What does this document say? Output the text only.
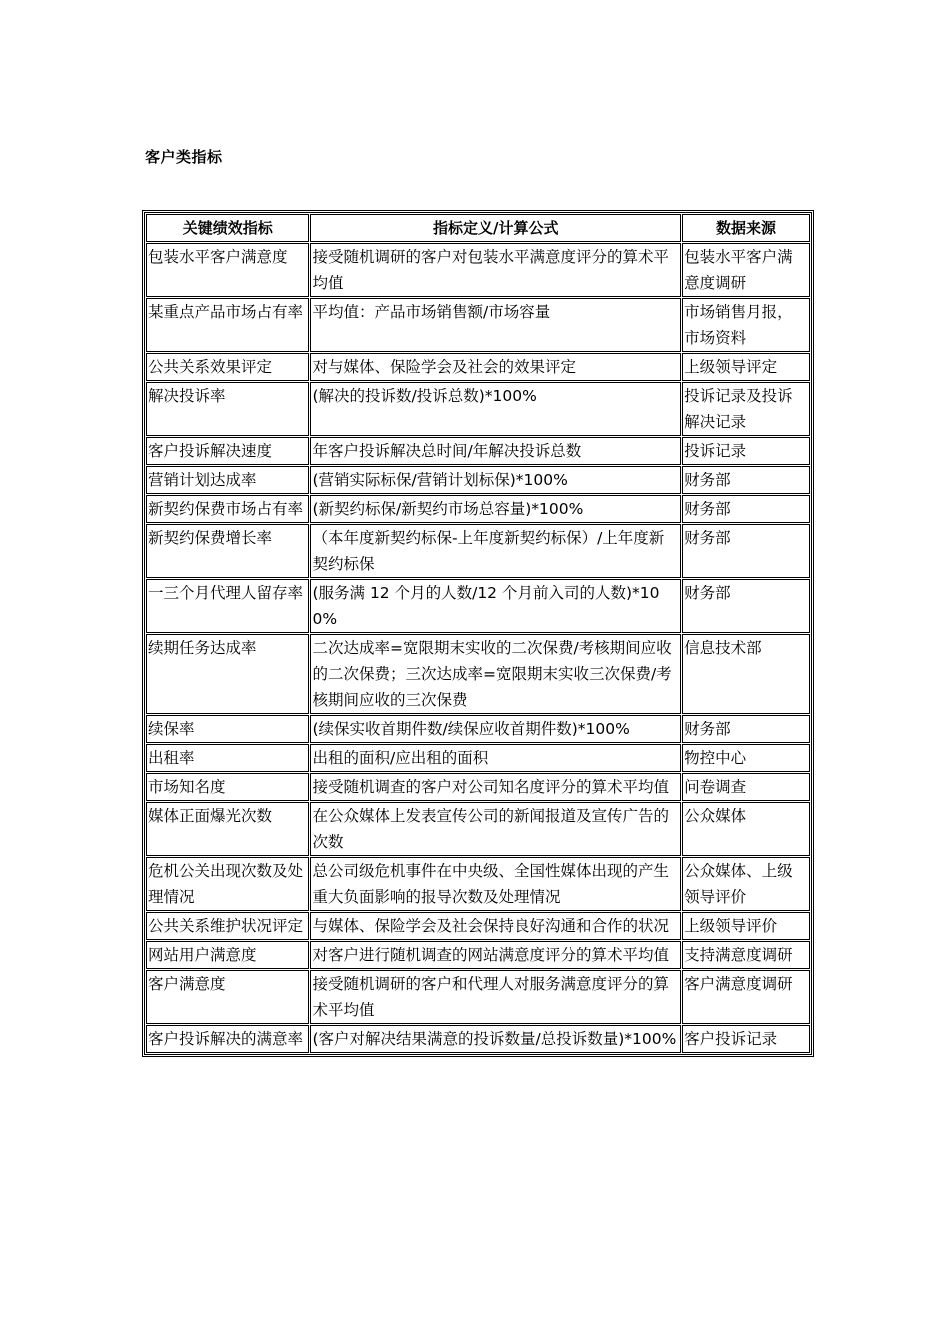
客户类指标
关键绩效指标	指标定义/计算公式	数据来源
包装水平客户满意度	接受随机调研的客户对包装水平满意度评分的算术平均值	包装水平客户满意度调研
某重点产品市场占有率	平均值：产品市场销售额/市场容量	市场销售月报，市场资料
公共关系效果评定	对与媒体、保险学会及社会的效果评定	上级领导评定
解决投诉率	(解决的投诉数/投诉总数)*100%	投诉记录及投诉解决记录
客户投诉解决速度	年客户投诉解决总时间/年解决投诉总数	投诉记录
营销计划达成率	(营销实际标保/营销计划标保)*100%	财务部
新契约保费市场占有率	(新契约标保/新契约市场总容量)*100%	财务部
新契约保费增长率	（本年度新契约标保-上年度新契约标保）/上年度新契约标保	财务部
一三个月代理人留存率	(服务满 12 个月的人数/12 个月前入司的人数)*100%	财务部
续期任务达成率	二次达成率=宽限期末实收的二次保费/考核期间应收的二次保费；三次达成率=宽限期末实收三次保费/考核期间应收的三次保费	信息技术部
续保率	(续保实收首期件数/续保应收首期件数)*100%	财务部
出租率	出租的面积/应出租的面积	物控中心
市场知名度	接受随机调查的客户对公司知名度评分的算术平均值	问卷调查
媒体正面爆光次数	在公众媒体上发表宣传公司的新闻报道及宣传广告的次数	公众媒体
危机公关出现次数及处理情况	总公司级危机事件在中央级、全国性媒体出现的产生重大负面影响的报导次数及处理情况	公众媒体、上级领导评价
公共关系维护状况评定	与媒体、保险学会及社会保持良好沟通和合作的状况	上级领导评价
网站用户满意度	对客户进行随机调查的网站满意度评分的算术平均值	支持满意度调研
客户满意度	接受随机调研的客户和代理人对服务满意度评分的算术平均值	客户满意度调研
客户投诉解决的满意率	(客户对解决结果满意的投诉数量/总投诉数量)*100%	客户投诉记录
